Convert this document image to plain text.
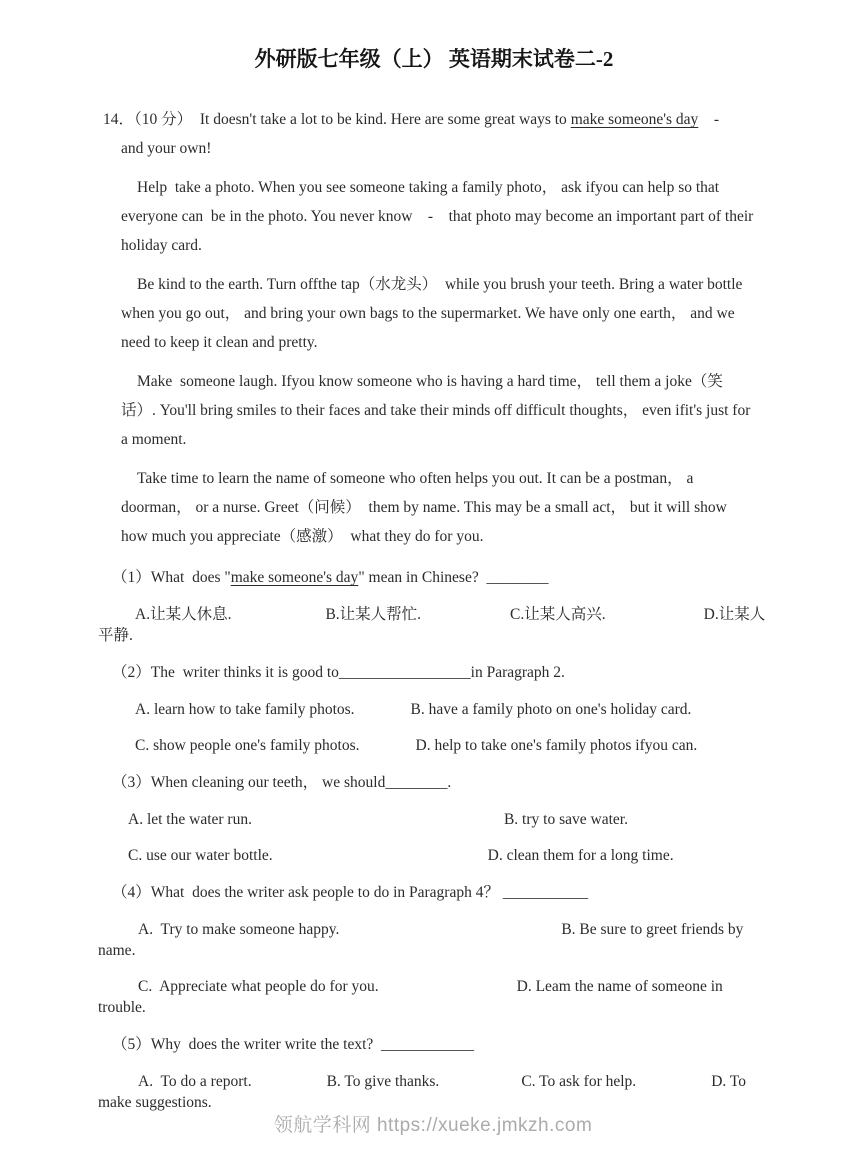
外研版七年级（上） 英语期末试卷二-2
14．（10 分）  It doesn't take a lot to be kind. Here are some great ways to make someone's day　-　and your own!
Help  take a photo. When you see someone taking a family photo， ask ifyou can help so that everyone can  be in the photo. You never know　-　that photo may become an important part of their holiday card.
Be kind to the earth. Turn offthe tap（水龙头）　while you brush your teeth. Bring a water bottle when you go out， and bring your own bags to the supermarket. We have only one earth， and we need to keep it clean and pretty.
Make  someone laugh. Ifyou know someone who is having a hard time， tell them a joke（笑话）. You'll bring smiles to their faces and take their minds off difficult thoughts， even ifit's just for a moment.
Take time to learn the name of someone who often helps you out. It can be a postman， a doorman， or a nurse. Greet（问候）　them by name. This may be a small act， but it will show  how much you appreciate（感激）　what they do for you.
（1）What  does "make someone's day" mean in Chinese?  ________
A.让某人休息.	B.让某人帮忙.	C.让某人高兴.	D.让某人平静.
（2）The  writer thinks it is good to_________________in Paragraph 2.
A. learn how to take family photos.	B. have a family photo on one's holiday card.
C. show people one's family photos.	D. help to take one's family photos ifyou can.
（3）When cleaning our teeth， we should________.
A. let the water run.	B. try to save water.
C. use our water bottle.	D. clean them for a long time.
（4）What  does the writer ask people to do in Paragraph 4？ ___________
A.  Try to make someone happy.	B. Be sure to greet friends by name.
C.  Appreciate what people do for you.	D. Leam the name of someone in trouble.
（5）Why  does the writer write the text?  ____________
A.  To do a report.	B. To give thanks.	C. To ask for help.	D. To make suggestions.
领航学科网 https://xueke.jmkzh.com
